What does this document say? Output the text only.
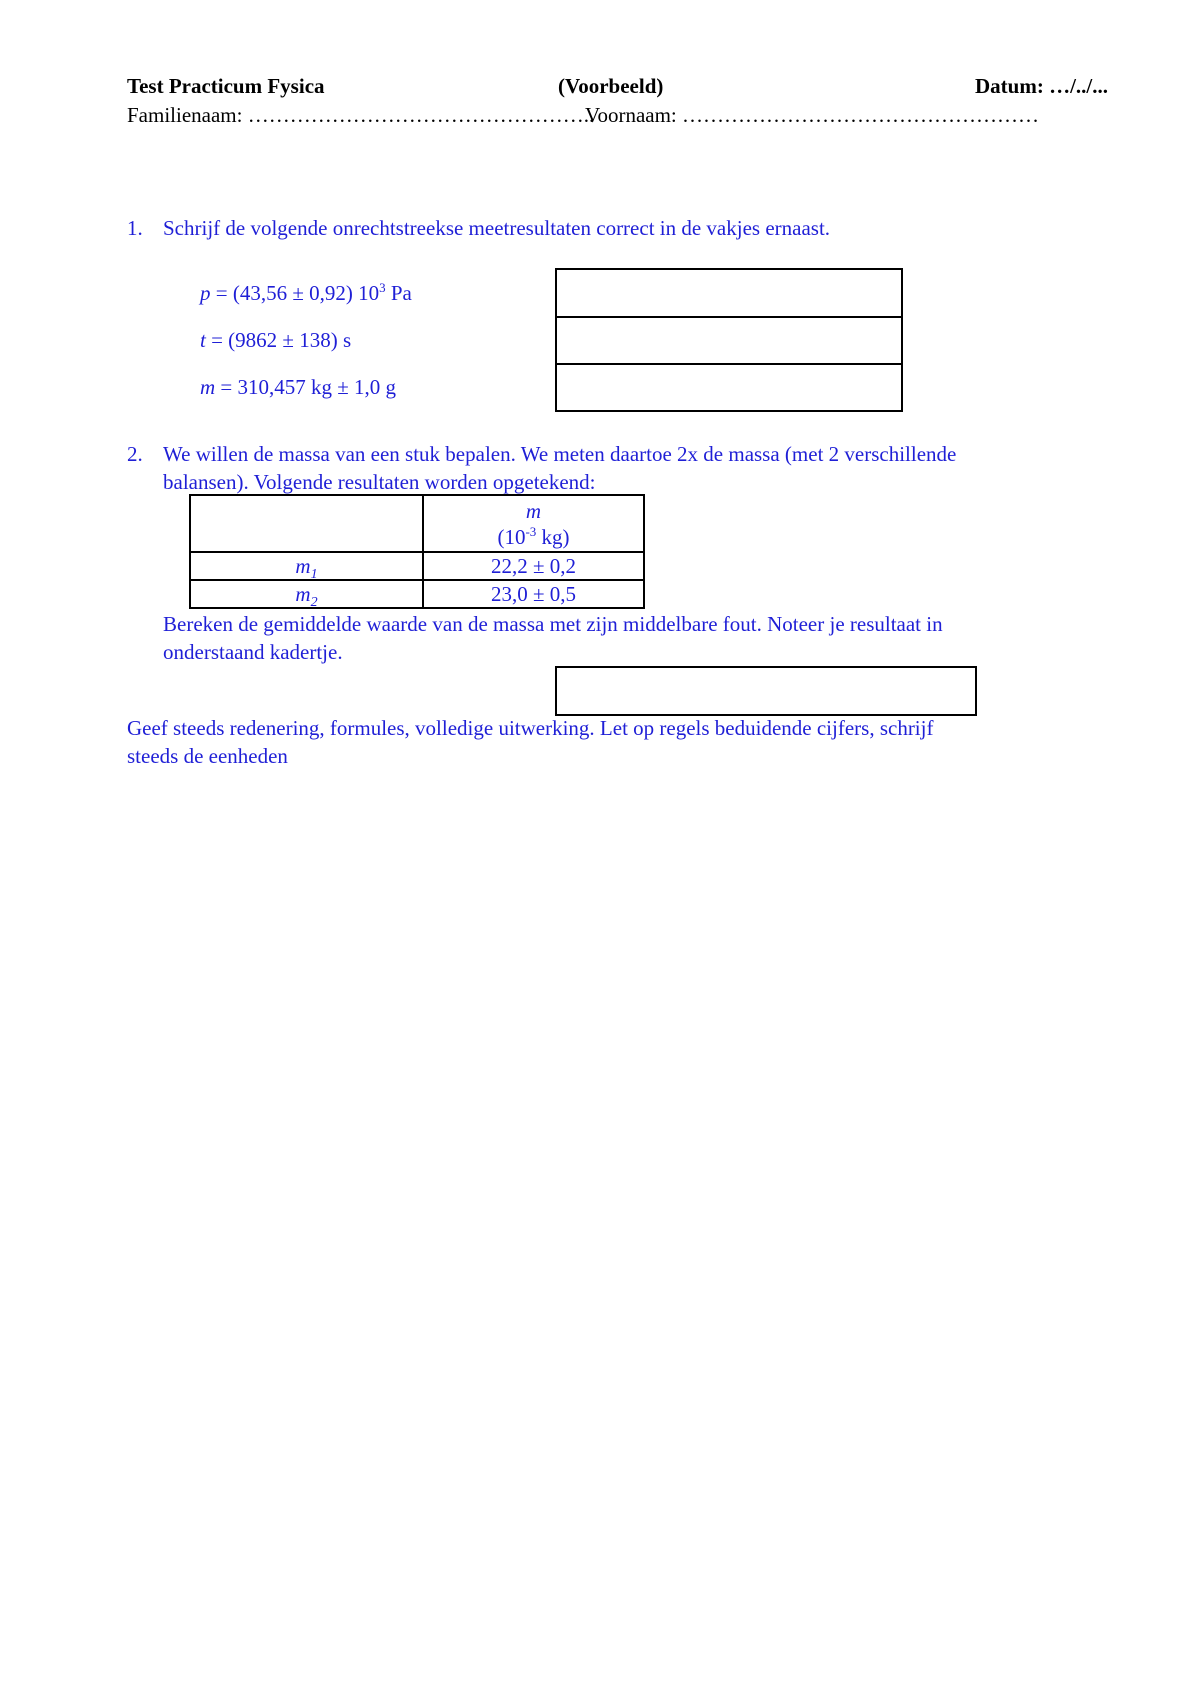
Test Practicum Fysica	(Voorbeeld)	Datum: …/../...
Familienaam: …………………………………………..
Voornaam: ……………………………………………
1. Schrijf de volgende onrechtstreekse meetresultaten correct in de vakjes ernaast.
p = (43,56 ± 0,92) $10^3$ Pa
t = (9862 ± 138) s
m = 310,457 kg ± 1,0 g
2. We willen de massa van een stuk bepalen. We meten daartoe 2x de massa (met 2 verschillende
balansen). Volgende resultaten worden opgetekend:
	m
($10^{-3}$ kg)
$m_1$	22,2 ± 0,2
$m_2$	23,0 ± 0,5
Bereken de gemiddelde waarde van de massa met zijn middelbare fout. Noteer je resultaat in
onderstaand kadertje.
Geef steeds redenering, formules, volledige uitwerking. Let op regels beduidende cijfers, schrijf
steeds de eenheden
